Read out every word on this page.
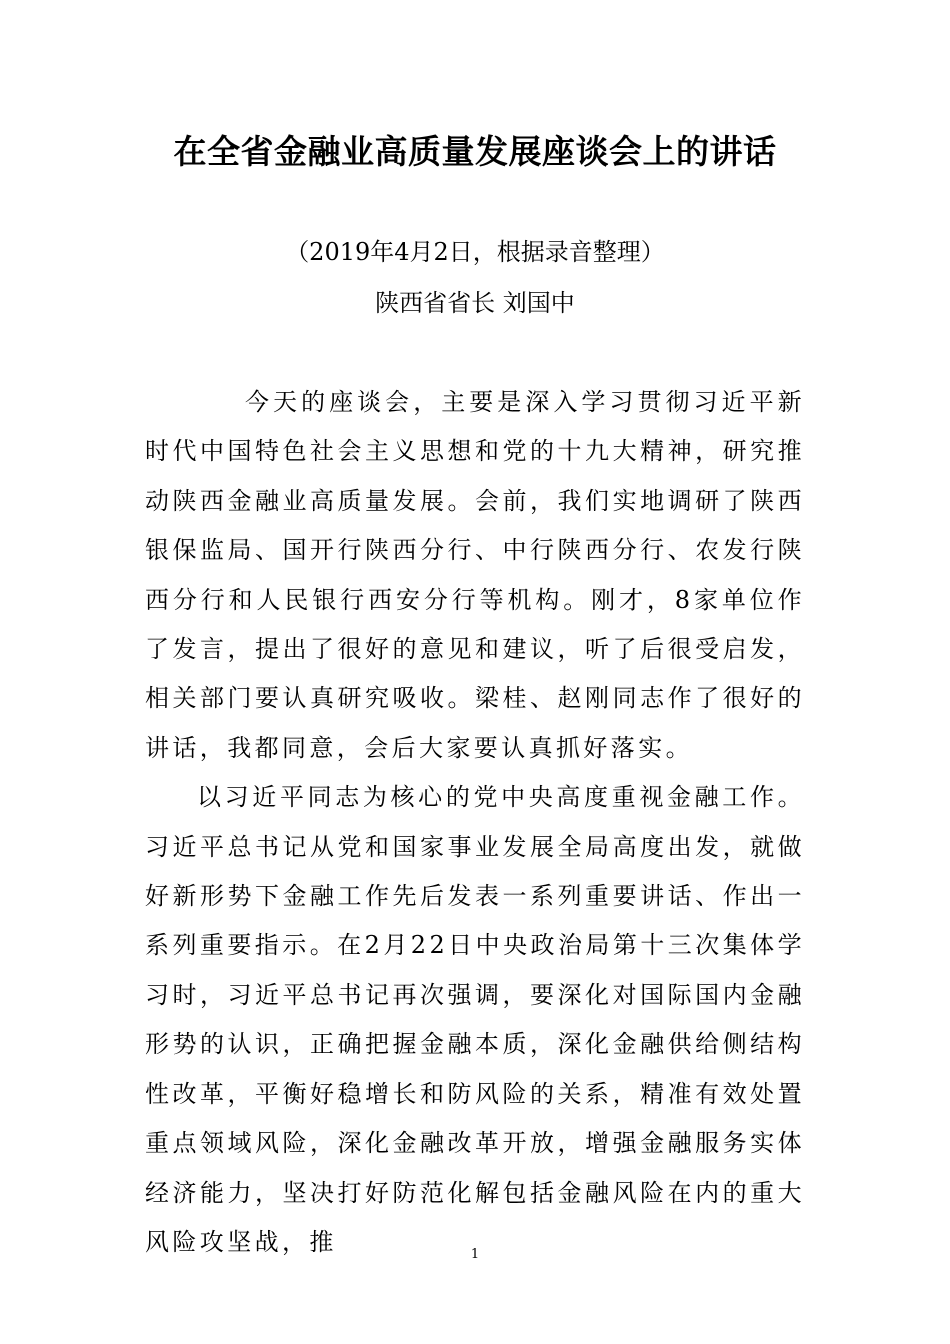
在全省金融业高质量发展座谈会上的讲话
（2019年4月2日，根据录音整理）
陕西省省长 刘国中

今天的座谈会，主要是深入学习贯彻习近平新时代中国特色社会主义思想和党的十九大精神，研究推动陕西金融业高质量发展。会前，我们实地调研了陕西银保监局、国开行陕西分行、中行陕西分行、农发行陕西分行和人民银行西安分行等机构。刚才，8家单位作了发言，提出了很好的意见和建议，听了后很受启发，相关部门要认真研究吸收。梁桂、赵刚同志作了很好的讲话，我都同意，会后大家要认真抓好落实。

以习近平同志为核心的党中央高度重视金融工作。习近平总书记从党和国家事业发展全局高度出发，就做好新形势下金融工作先后发表一系列重要讲话、作出一系列重要指示。在2月22日中央政治局第十三次集体学习时，习近平总书记再次强调，要深化对国际国内金融形势的认识，正确把握金融本质，深化金融供给侧结构性改革，平衡好稳增长和防风险的关系，精准有效处置重点领域风险，深化金融改革开放，增强金融服务实体经济能力，坚决打好防范化解包括金融风险在内的重大风险攻坚战，推	1
